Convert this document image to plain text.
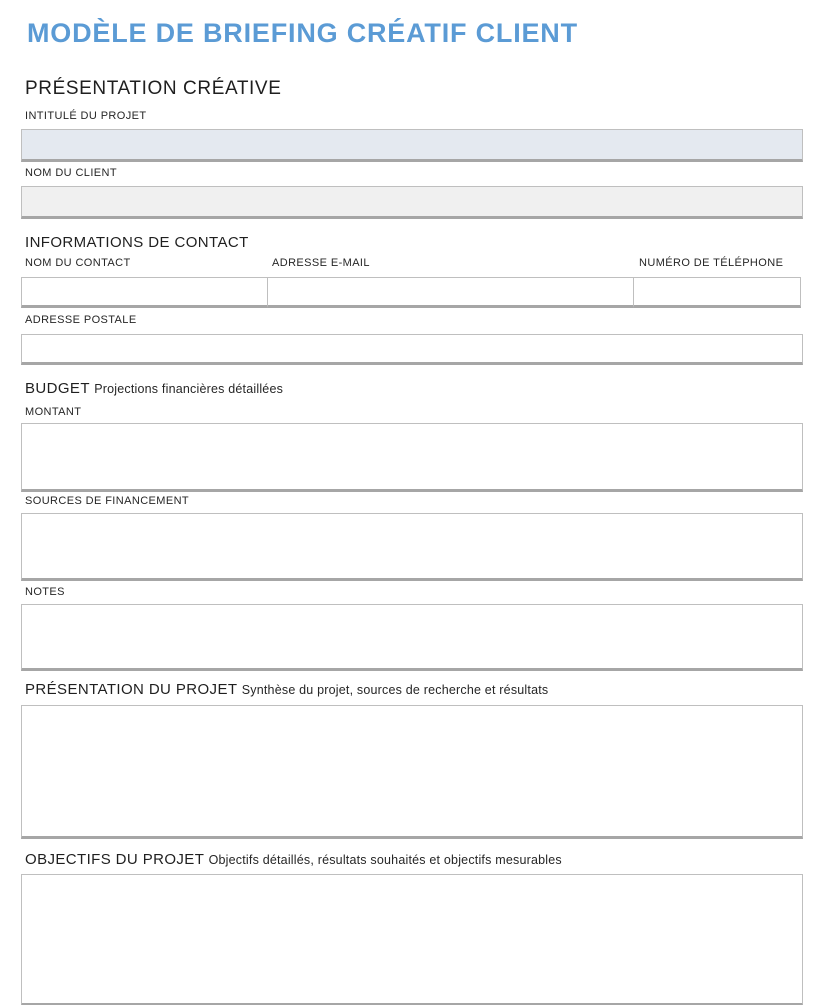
MODÈLE DE BRIEFING CRÉATIF CLIENT
PRÉSENTATION CRÉATIVE
INTITULÉ DU PROJET
NOM DU CLIENT
INFORMATIONS DE CONTACT
NOM DU CONTACT	ADRESSE E-MAIL	NUMÉRO DE TÉLÉPHONE
ADRESSE POSTALE
BUDGET Projections financières détaillées
MONTANT
SOURCES DE FINANCEMENT
NOTES
PRÉSENTATION DU PROJET Synthèse du projet, sources de recherche et résultats
OBJECTIFS DU PROJET Objectifs détaillés, résultats souhaités et objectifs mesurables
